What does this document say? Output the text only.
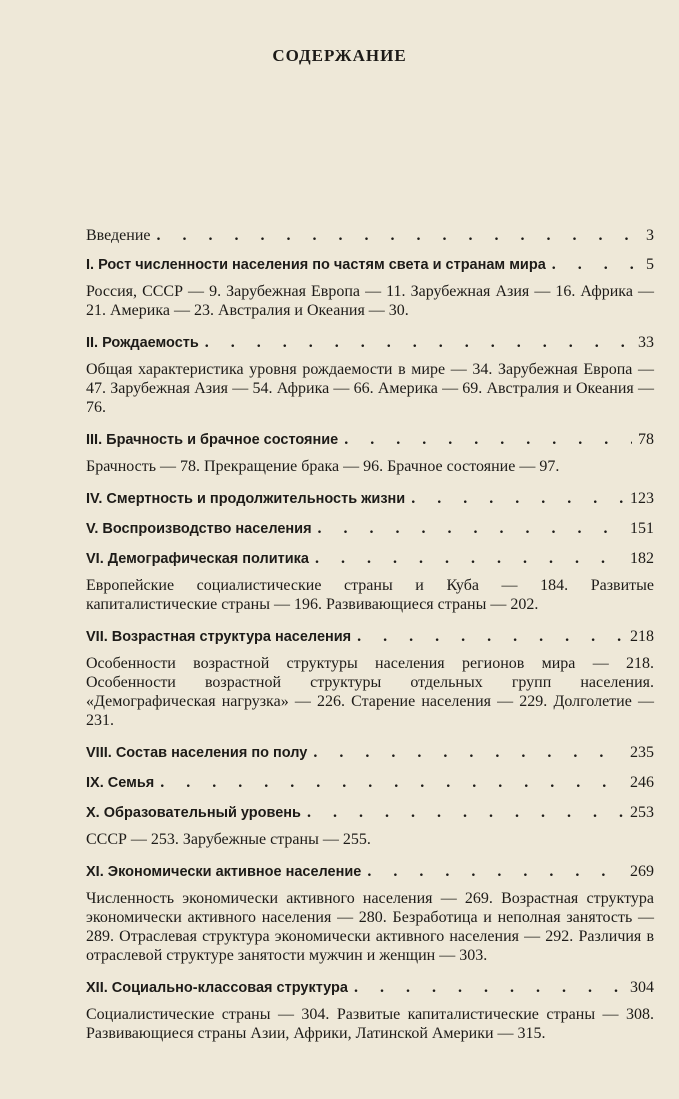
СОДЕРЖАНИЕ
Введение . . .	3
I. Рост численности населения по частям света и странам мира . . .	5
Россия, СССР — 9. Зарубежная Европа — 11. Зарубежная Азия — 16. Африка — 21. Америка — 23. Австралия и Океания — 30.
II. Рождаемость . . .	33
Общая характеристика уровня рождаемости в мире — 34. Зарубежная Европа — 47. Зарубежная Азия — 54. Африка — 66. Америка — 69. Австралия и Океания — 76.
III. Брачность и брачное состояние . . .	78
Брачность — 78. Прекращение брака — 96. Брачное состояние — 97.
IV. Смертность и продолжительность жизни . . .	123
V. Воспроизводство населения . . .	151
VI. Демографическая политика . . .	182
Европейские социалистические страны и Куба — 184. Развитые капиталистические страны — 196. Развивающиеся страны — 202.
VII. Возрастная структура населения . . .	218
Особенности возрастной структуры населения регионов мира — 218. Особенности возрастной структуры отдельных групп населения. «Демографическая нагрузка» — 226. Старение населения — 229. Долголетие — 231.
VIII. Состав населения по полу . . .	235
IX. Семья . . .	246
X. Образовательный уровень . . .	253
СССР — 253. Зарубежные страны — 255.
XI. Экономически активное население . . .	269
Численность экономически активного населения — 269. Возрастная структура экономически активного населения — 280. Безработица и неполная занятость — 289. Отраслевая структура экономически активного населения — 292. Различия в отраслевой структуре занятости мужчин и женщин — 303.
XII. Социально-классовая структура . . .	304
Социалистические страны — 304. Развитые капиталистические страны — 308. Развивающиеся страны Азии, Африки, Латинской Америки — 315.
